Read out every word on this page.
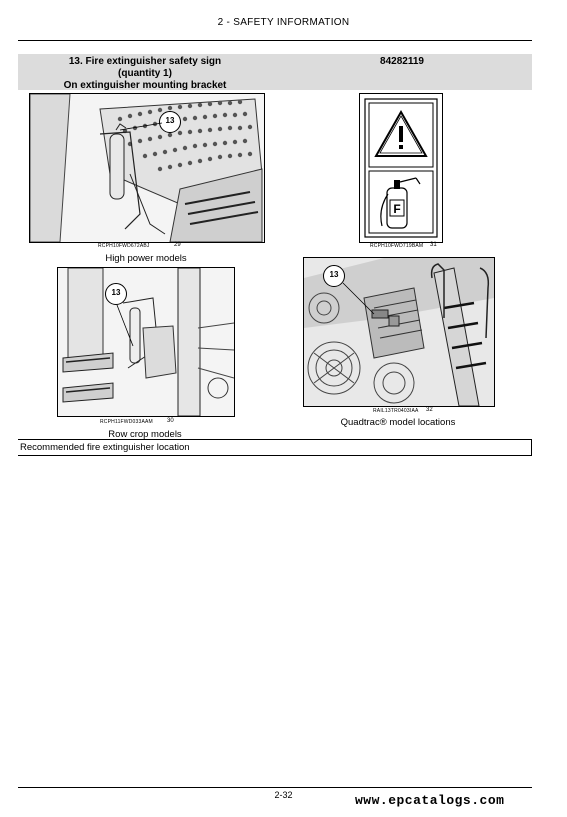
2 - SAFETY INFORMATION
13. Fire extinguisher safety sign
(quantity 1)
On extinguisher mounting bracket
84282119
13
RCPH10FWD672ABJ	29
High power models
F
RCPH10FWD719BAM 31
13
RCPH11FWD033AAM 30
Row crop models
13
RAIL13TR0403IAA 32
Quadtrac® model locations
Recommended fire extinguisher location
2-32	www.epcatalogs.com
